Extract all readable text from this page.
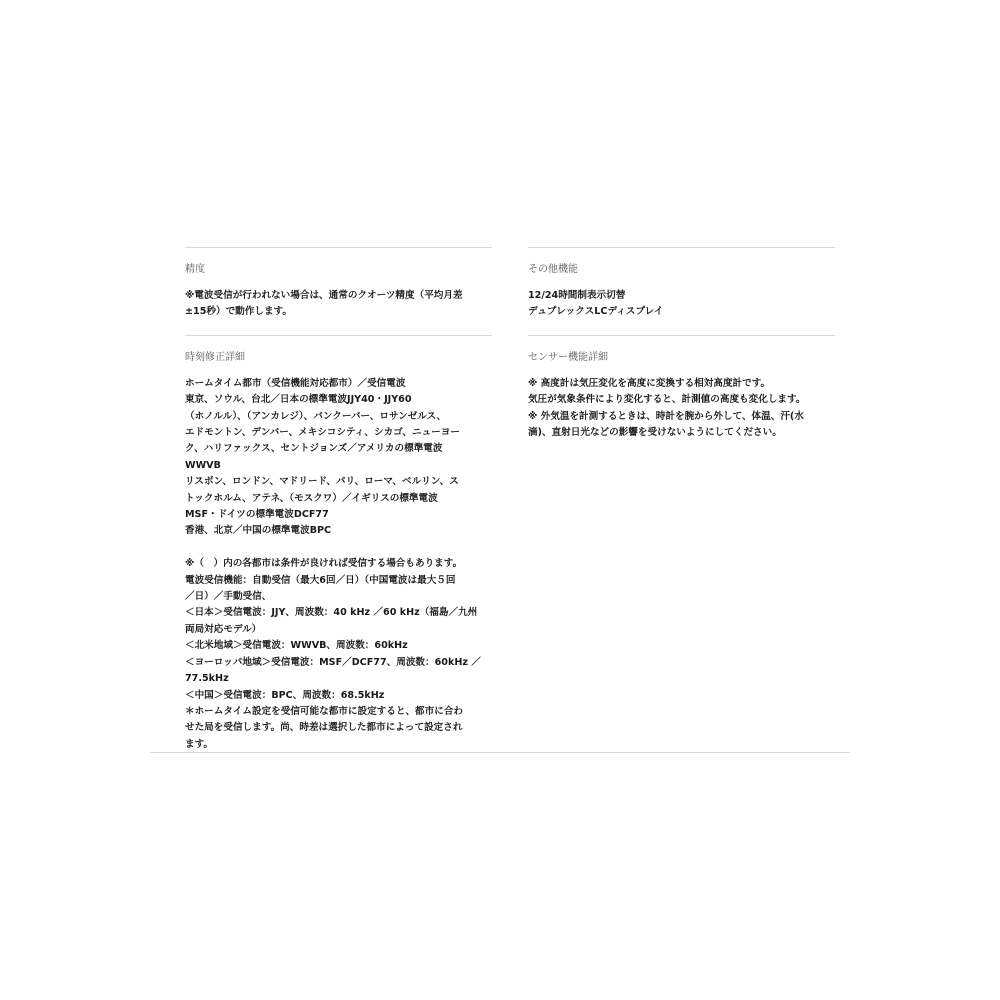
精度
※電波受信が行われない場合は、通常のクオーツ精度（平均月差
±15秒）で動作します。
時刻修正詳細
ホームタイム都市（受信機能対応都市）／受信電波
東京、ソウル、台北／日本の標準電波JJY40・JJY60
（ホノルル）、（アンカレジ）、バンクーバー、ロサンゼルス、
エドモントン、デンバー、メキシコシティ、シカゴ、ニューヨー
ク、ハリファックス、セントジョンズ／アメリカの標準電波
WWVB
リスボン、ロンドン、マドリード、パリ、ローマ、ベルリン、ス
トックホルム、アテネ、（モスクワ）／イギリスの標準電波
MSF・ドイツの標準電波DCF77
香港、北京／中国の標準電波BPC
※（　）内の各都市は条件が良ければ受信する場合もあります。
電波受信機能：自動受信（最大6回／日）（中国電波は最大５回
／日）／手動受信、
＜日本＞受信電波：JJY、周波数：40 kHz ／60 kHz（福島／九州
両局対応モデル）
＜北米地域＞受信電波：WWVB、周波数：60kHz
＜ヨーロッパ地域＞受信電波：MSF／DCF77、周波数：60kHz ／
77.5kHz
＜中国＞受信電波：BPC、周波数：68.5kHz
＊ホームタイム設定を受信可能な都市に設定すると、都市に合わ
せた局を受信します。尚、時差は選択した都市によって設定され
ます。
その他機能
12/24時間制表示切替
デュプレックスLCディスプレイ
センサー機能詳細
※ 高度計は気圧変化を高度に変換する相対高度計です。
気圧が気象条件により変化すると、計測値の高度も変化します。
※ 外気温を計測するときは、時計を腕から外して、体温、汗(水
滴)、直射日光などの影響を受けないようにしてください。
